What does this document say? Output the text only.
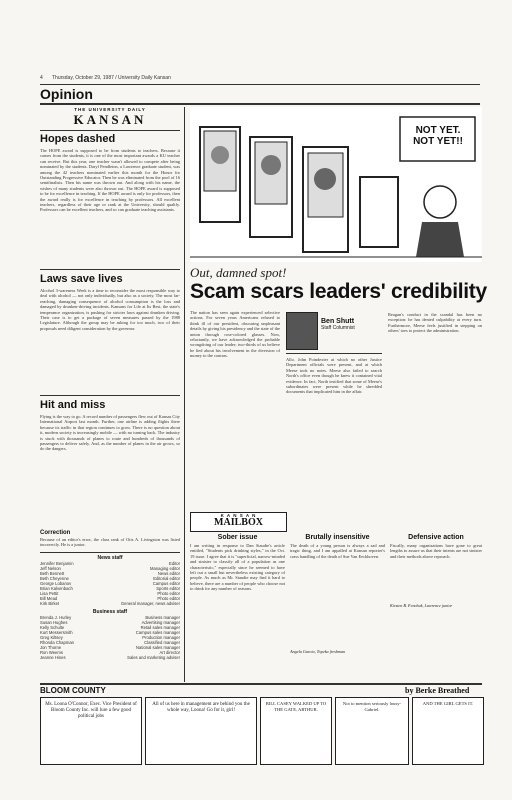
4 Thursday, October 29, 1987 / University Daily Kansan
Opinion
THE UNIVERSITY DAILY
KANSAN
Hopes dashed
The HOPE award is supposed to be from students to teachers. Because it comes from the students, it is one of the most important awards a KU teacher can receive. But this year, one teacher wasn't allowed to compete after being nominated by the students. Daryl Pendleton, a Lawrence graduate student, was among the 42 teachers nominated earlier this month for the Honor for Outstanding Progressive Educator. Then he was eliminated from the pool of 16 semifinalists. Then his name was thrown out. And along with his name, the wishes of many students were also thrown out. The HOPE award is supposed to be for excellence in teaching. If the HOPE award is only for professors, then the award really is for excellence in teaching by professors. All excellent teachers, regardless of their age or rank at the University, should qualify. Professors can be excellent teachers, and so can graduate teaching assistants.
Laws save lives
Alcohol 3-wareness Week is a time to reconsider the most responsible way to deal with alcohol — not only individually, but also as a society. The most far-reaching, damaging consequence of alcohol consumption is the loss and damaged by drunken-driving incidents. Kansans for Life at Its Best, the state's temperance organization, is pushing for stricter laws against drunken driving. Their case is to get a package of seven measures passed by the 1988 Legislature. Although the group may be asking for too much, two of their proposals need diligent consideration by the governor.
Hit and miss
Flying is the way to go. A record number of passengers flew out of Kansas City International Airport last month. Further, one airline is adding flights there because its traffic in that region continues to grow. There is no question about it, modern society is increasingly mobile — with no turning back. The industry is stuck with thousands of planes to route and hundreds of thousands of passengers to deliver safely. And, as the number of planes in the air grows, so do the dangers.
Correction
Because of an editor's error, the class rank of Otis A. Livingston was listed incorrectly. He is a junior.
News staff
Jennifer Benjamin
Jeff Nelson
Beth Bennett
Beth Cheyenne
George Lobanov
Brian Kalvenbach
Lisa Pettit
Bill Mead
Kirk Birket
Editor
Managing editor
News editor
Editorial editor
Campus editor
Sports editor
Photo editor
Photo editor
General manager, news adviser
Business staff
Brenda J. Hurley
Susan Hughes
Kelly Schulte
Kurt Messersmith
Greg Kiltsey
Rhonda Chapman
Jon Thorne
Ron Weems
Jeanne Hines
Business manager
Advertising manager
Retail sales manager
Campus sales manager
Production manager
Classified manager
National sales manager
Art director
Sales and marketing adviser
NOT YET. NOT YET!!
Out, damned spot!
Scam scars leaders' credibility
The nation has seen again experienced selective actions. For seven years Americans refused to think ill of our president, obscuring unpleasant details by giving his presidency and the state of the union through rose-colored glasses. Now, reluctantly, we have acknowledged the probable wrongdoing of our leader; two-thirds of us believe he lied about his involvement in the diversion of money to the contras.
Ben Shutt
Staff Columnist
Allo. John Poindexter at which no other Justice Department officials were present, and at which Meese took no notes. Meese also failed to search North's office even though he knew it contained vital evidence. In fact, North testified that some of Meese's subordinates were present while he shredded documents that implicated him in the affair.
Reagan's conduct in the scandal has been no exception: he has denied culpability at every turn. Furthermore, Meese feels justified in stepping on others' toes to protect the administration.
K A N S A N
MAILBOX
Sober issue
I am writing in response to Dan Staudte's article entitled, "Students pick drinking styles," in the Oct. 19 issue. I agree that it is "superficial, narrow-minded and sinister to classify all of a population as one characteristic," especially since he seemed to have left out a small but nevertheless existing category of people. As much as Mr. Staudte may find it hard to believe, there are a number of people who choose not to drink for any number of reasons.
Brutally insensitive
The death of a young person is always a sad and tragic thing, and I am appalled at Kansan reporter's crass handling of the death of Sue Van Eeckhoven.
Angela Garcia, Topeka freshman
Defensive action
Fiscally, many organizations have gone to great lengths to assure us that their intents are not sinister and their methods above reproach.
Kirsten B. Fenchuk, Lawrence junior
BLOOM COUNTY	by Berke Breathed
Ms. Loona O'Connor, Exec. Vice President of Bloom County Inc. will lure a few good political jobs
All of us here in management are behind you the whole way, Loona! Go for it, girl!
BILL CASEY WALKED UP TO THE GATE, ARTHUR.
Not to mention seriously lousy-Gabriel.
AND THE GIRL GETS IT.
